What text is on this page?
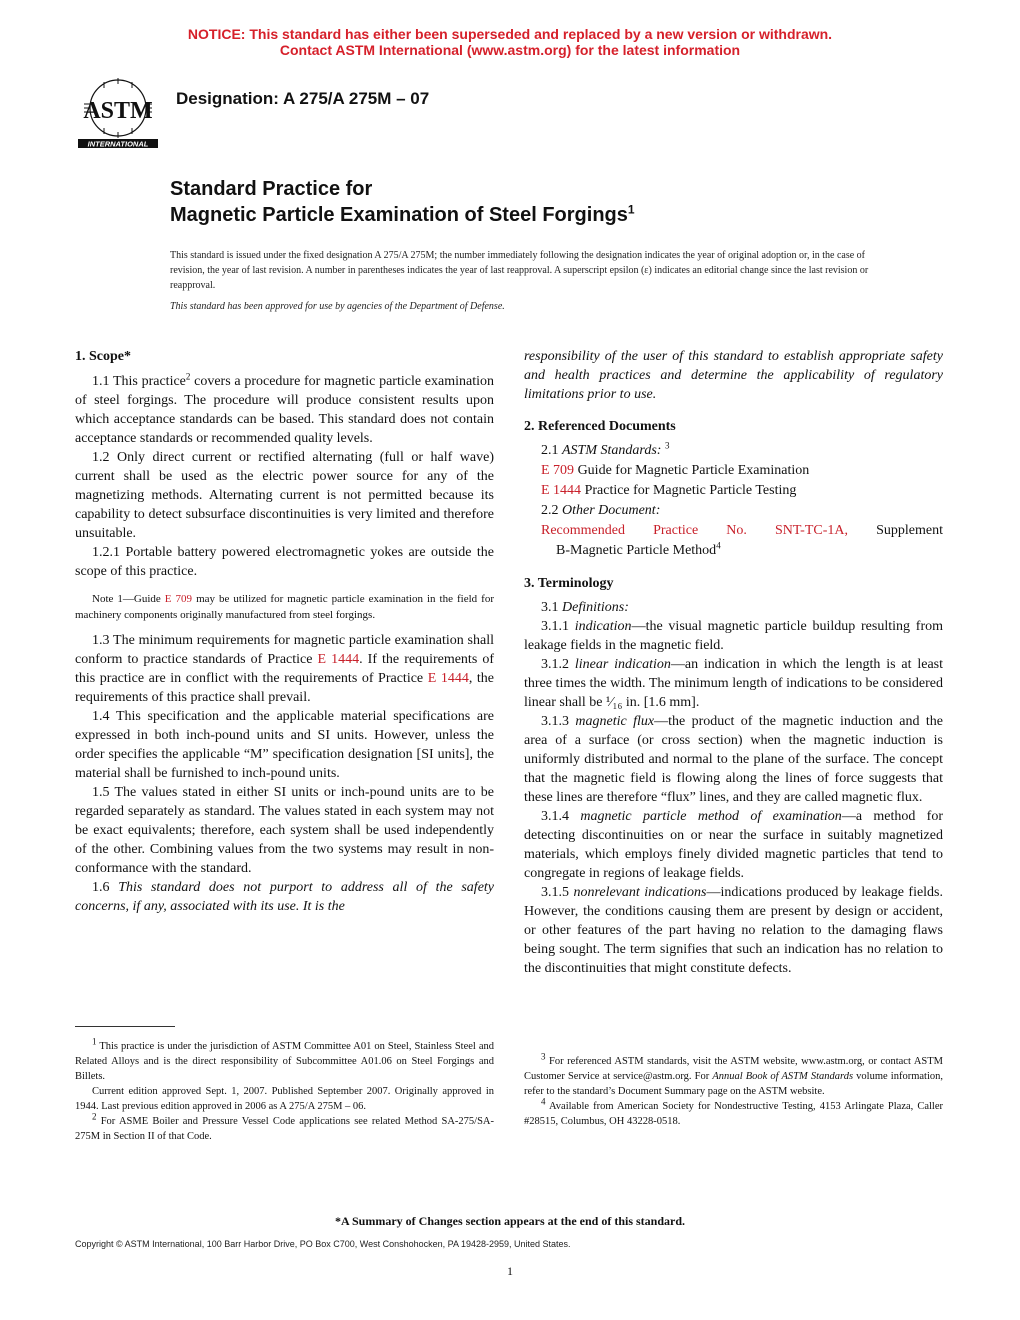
NOTICE: This standard has either been superseded and replaced by a new version or withdrawn.
Contact ASTM International (www.astm.org) for the latest information
ASTM
INTERNATIONAL
Designation: A 275/A 275M – 07
Standard Practice for
Magnetic Particle Examination of Steel Forgings$^1$
This standard is issued under the fixed designation A 275/A 275M; the number immediately following the designation indicates the year of original adoption or, in the case of revision, the year of last revision. A number in parentheses indicates the year of last reapproval. A superscript epsilon (ε) indicates an editorial change since the last revision or reapproval.
This standard has been approved for use by agencies of the Department of Defense.
1. Scope*

1.1 This practice$^2$ covers a procedure for magnetic particle examination of steel forgings. The procedure will produce consistent results upon which acceptance standards can be based. This standard does not contain acceptance standards or recommended quality levels.

1.2 Only direct current or rectified alternating (full or half wave) current shall be used as the electric power source for any of the magnetizing methods. Alternating current is not permitted because its capability to detect subsurface discontinuities is very limited and therefore unsuitable.

1.2.1 Portable battery powered electromagnetic yokes are outside the scope of this practice.

Note 1—Guide E 709 may be utilized for magnetic particle examination in the field for machinery components originally manufactured from steel forgings.

1.3 The minimum requirements for magnetic particle examination shall conform to practice standards of Practice E 1444. If the requirements of this practice are in conflict with the requirements of Practice E 1444, the requirements of this practice shall prevail.

1.4 This specification and the applicable material specifications are expressed in both inch-pound units and SI units. However, unless the order specifies the applicable “M” specification designation [SI units], the material shall be furnished to inch-pound units.

1.5 The values stated in either SI units or inch-pound units are to be regarded separately as standard. The values stated in each system may not be exact equivalents; therefore, each system shall be used independently of the other. Combining values from the two systems may result in non-conformance with the standard.

1.6 This standard does not purport to address all of the safety concerns, if any, associated with its use. It is the

$^1$ This practice is under the jurisdiction of ASTM Committee A01 on Steel, Stainless Steel and Related Alloys and is the direct responsibility of Subcommittee A01.06 on Steel Forgings and Billets.

Current edition approved Sept. 1, 2007. Published September 2007. Originally approved in 1944. Last previous edition approved in 2006 as A 275/A 275M – 06.

$^2$ For ASME Boiler and Pressure Vessel Code applications see related Method SA-275/SA-275M in Section II of that Code.

responsibility of the user of this standard to establish appropriate safety and health practices and determine the applicability of regulatory limitations prior to use.

2. Referenced Documents
2.1 ASTM Standards: $^3$
E 709 Guide for Magnetic Particle Examination
E 1444 Practice for Magnetic Particle Testing
2.2 Other Document:
Recommended Practice No. SNT-TC-1A, Supplement
B-Magnetic Particle Method$^4$
3. Terminology

3.1 Definitions:

3.1.1 indication—the visual magnetic particle buildup resulting from leakage fields in the magnetic field.

3.1.2 linear indication—an indication in which the length is at least three times the width. The minimum length of indications to be considered linear shall be ¹⁄₁₆ in. [1.6 mm].

3.1.3 magnetic flux—the product of the magnetic induction and the area of a surface (or cross section) when the magnetic induction is uniformly distributed and normal to the plane of the surface. The concept that the magnetic field is flowing along the lines of force suggests that these lines are therefore “flux” lines, and they are called magnetic flux.

3.1.4 magnetic particle method of examination—a method for detecting discontinuities on or near the surface in suitably magnetized materials, which employs finely divided magnetic particles that tend to congregate in regions of leakage fields.

3.1.5 nonrelevant indications—indications produced by leakage fields. However, the conditions causing them are present by design or accident, or other features of the part having no relation to the damaging flaws being sought. The term signifies that such an indication has no relation to the discontinuities that might constitute defects.

$^3$ For referenced ASTM standards, visit the ASTM website, www.astm.org, or contact ASTM Customer Service at service@astm.org. For Annual Book of ASTM Standards volume information, refer to the standard’s Document Summary page on the ASTM website.

$^4$ Available from American Society for Nondestructive Testing, 4153 Arlingate Plaza, Caller #28515, Columbus, OH 43228-0518.

*A Summary of Changes section appears at the end of this standard.
Copyright © ASTM International, 100 Barr Harbor Drive, PO Box C700, West Conshohocken, PA 19428-2959, United States.
1
